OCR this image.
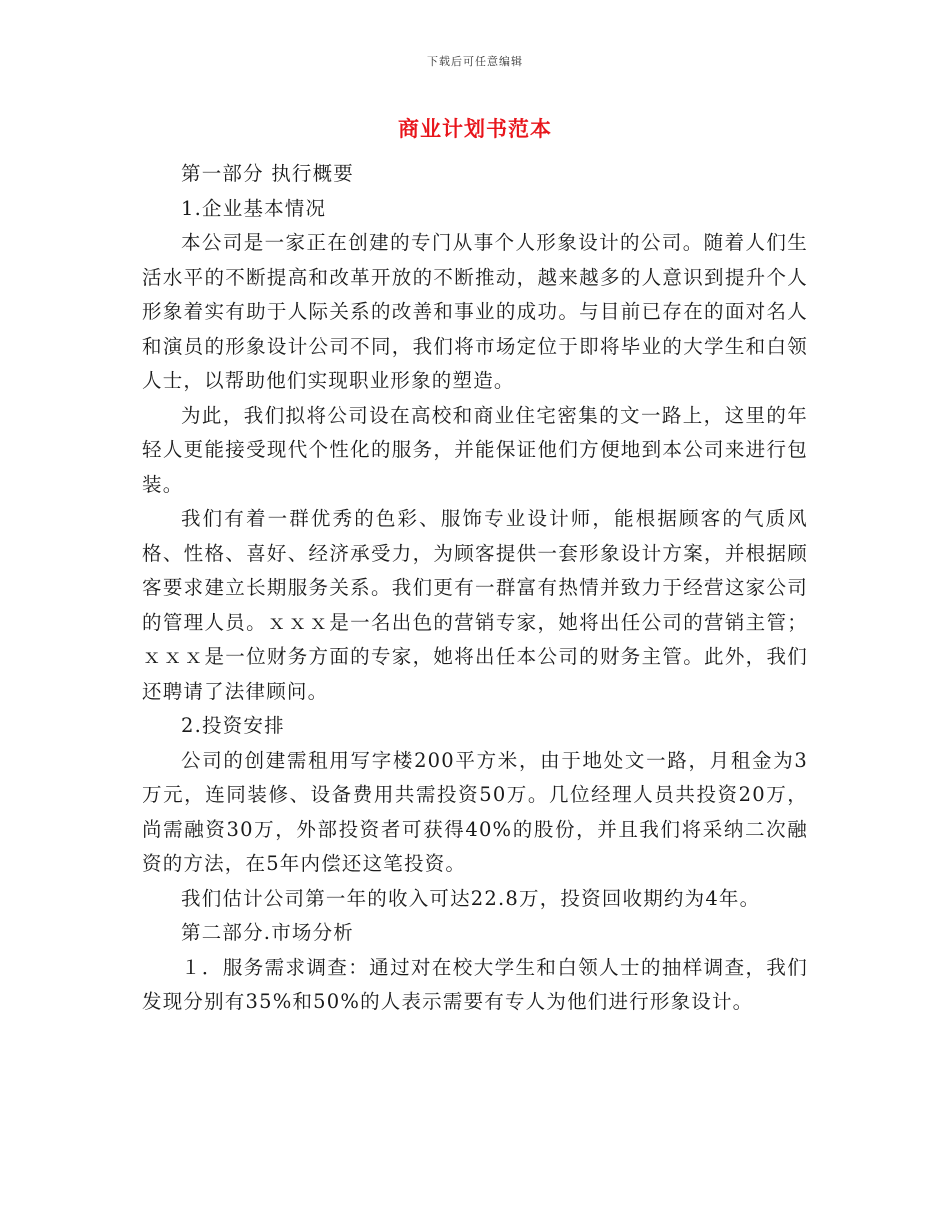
下载后可任意编辑
商业计划书范本

第一部分 执行概要

1.企业基本情况

本公司是一家正在创建的专门从事个人形象设计的公司。随着人们生活水平的不断提高和改革开放的不断推动，越来越多的人意识到提升个人形象着实有助于人际关系的改善和事业的成功。与目前已存在的面对名人和演员的形象设计公司不同，我们将市场定位于即将毕业的大学生和白领人士，以帮助他们实现职业形象的塑造。

为此，我们拟将公司设在高校和商业住宅密集的文一路上，这里的年轻人更能接受现代个性化的服务，并能保证他们方便地到本公司来进行包装。

我们有着一群优秀的色彩、服饰专业设计师，能根据顾客的气质风格、性格、喜好、经济承受力，为顾客提供一套形象设计方案，并根据顾客要求建立长期服务关系。我们更有一群富有热情并致力于经营这家公司的管理人员。ｘｘｘ是一名出色的营销专家，她将出任公司的营销主管；ｘｘｘ是一位财务方面的专家，她将出任本公司的财务主管。此外，我们还聘请了法律顾问。

2.投资安排

公司的创建需租用写字楼200平方米，由于地处文一路，月租金为3万元，连同装修、设备费用共需投资50万。几位经理人员共投资20万，尚需融资30万，外部投资者可获得40%的股份，并且我们将采纳二次融资的方法，在5年内偿还这笔投资。

我们估计公司第一年的收入可达22.8万，投资回收期约为4年。

第二部分.市场分析

１．服务需求调查：通过对在校大学生和白领人士的抽样调查，我们发现分别有35%和50%的人表示需要有专人为他们进行形象设计。
